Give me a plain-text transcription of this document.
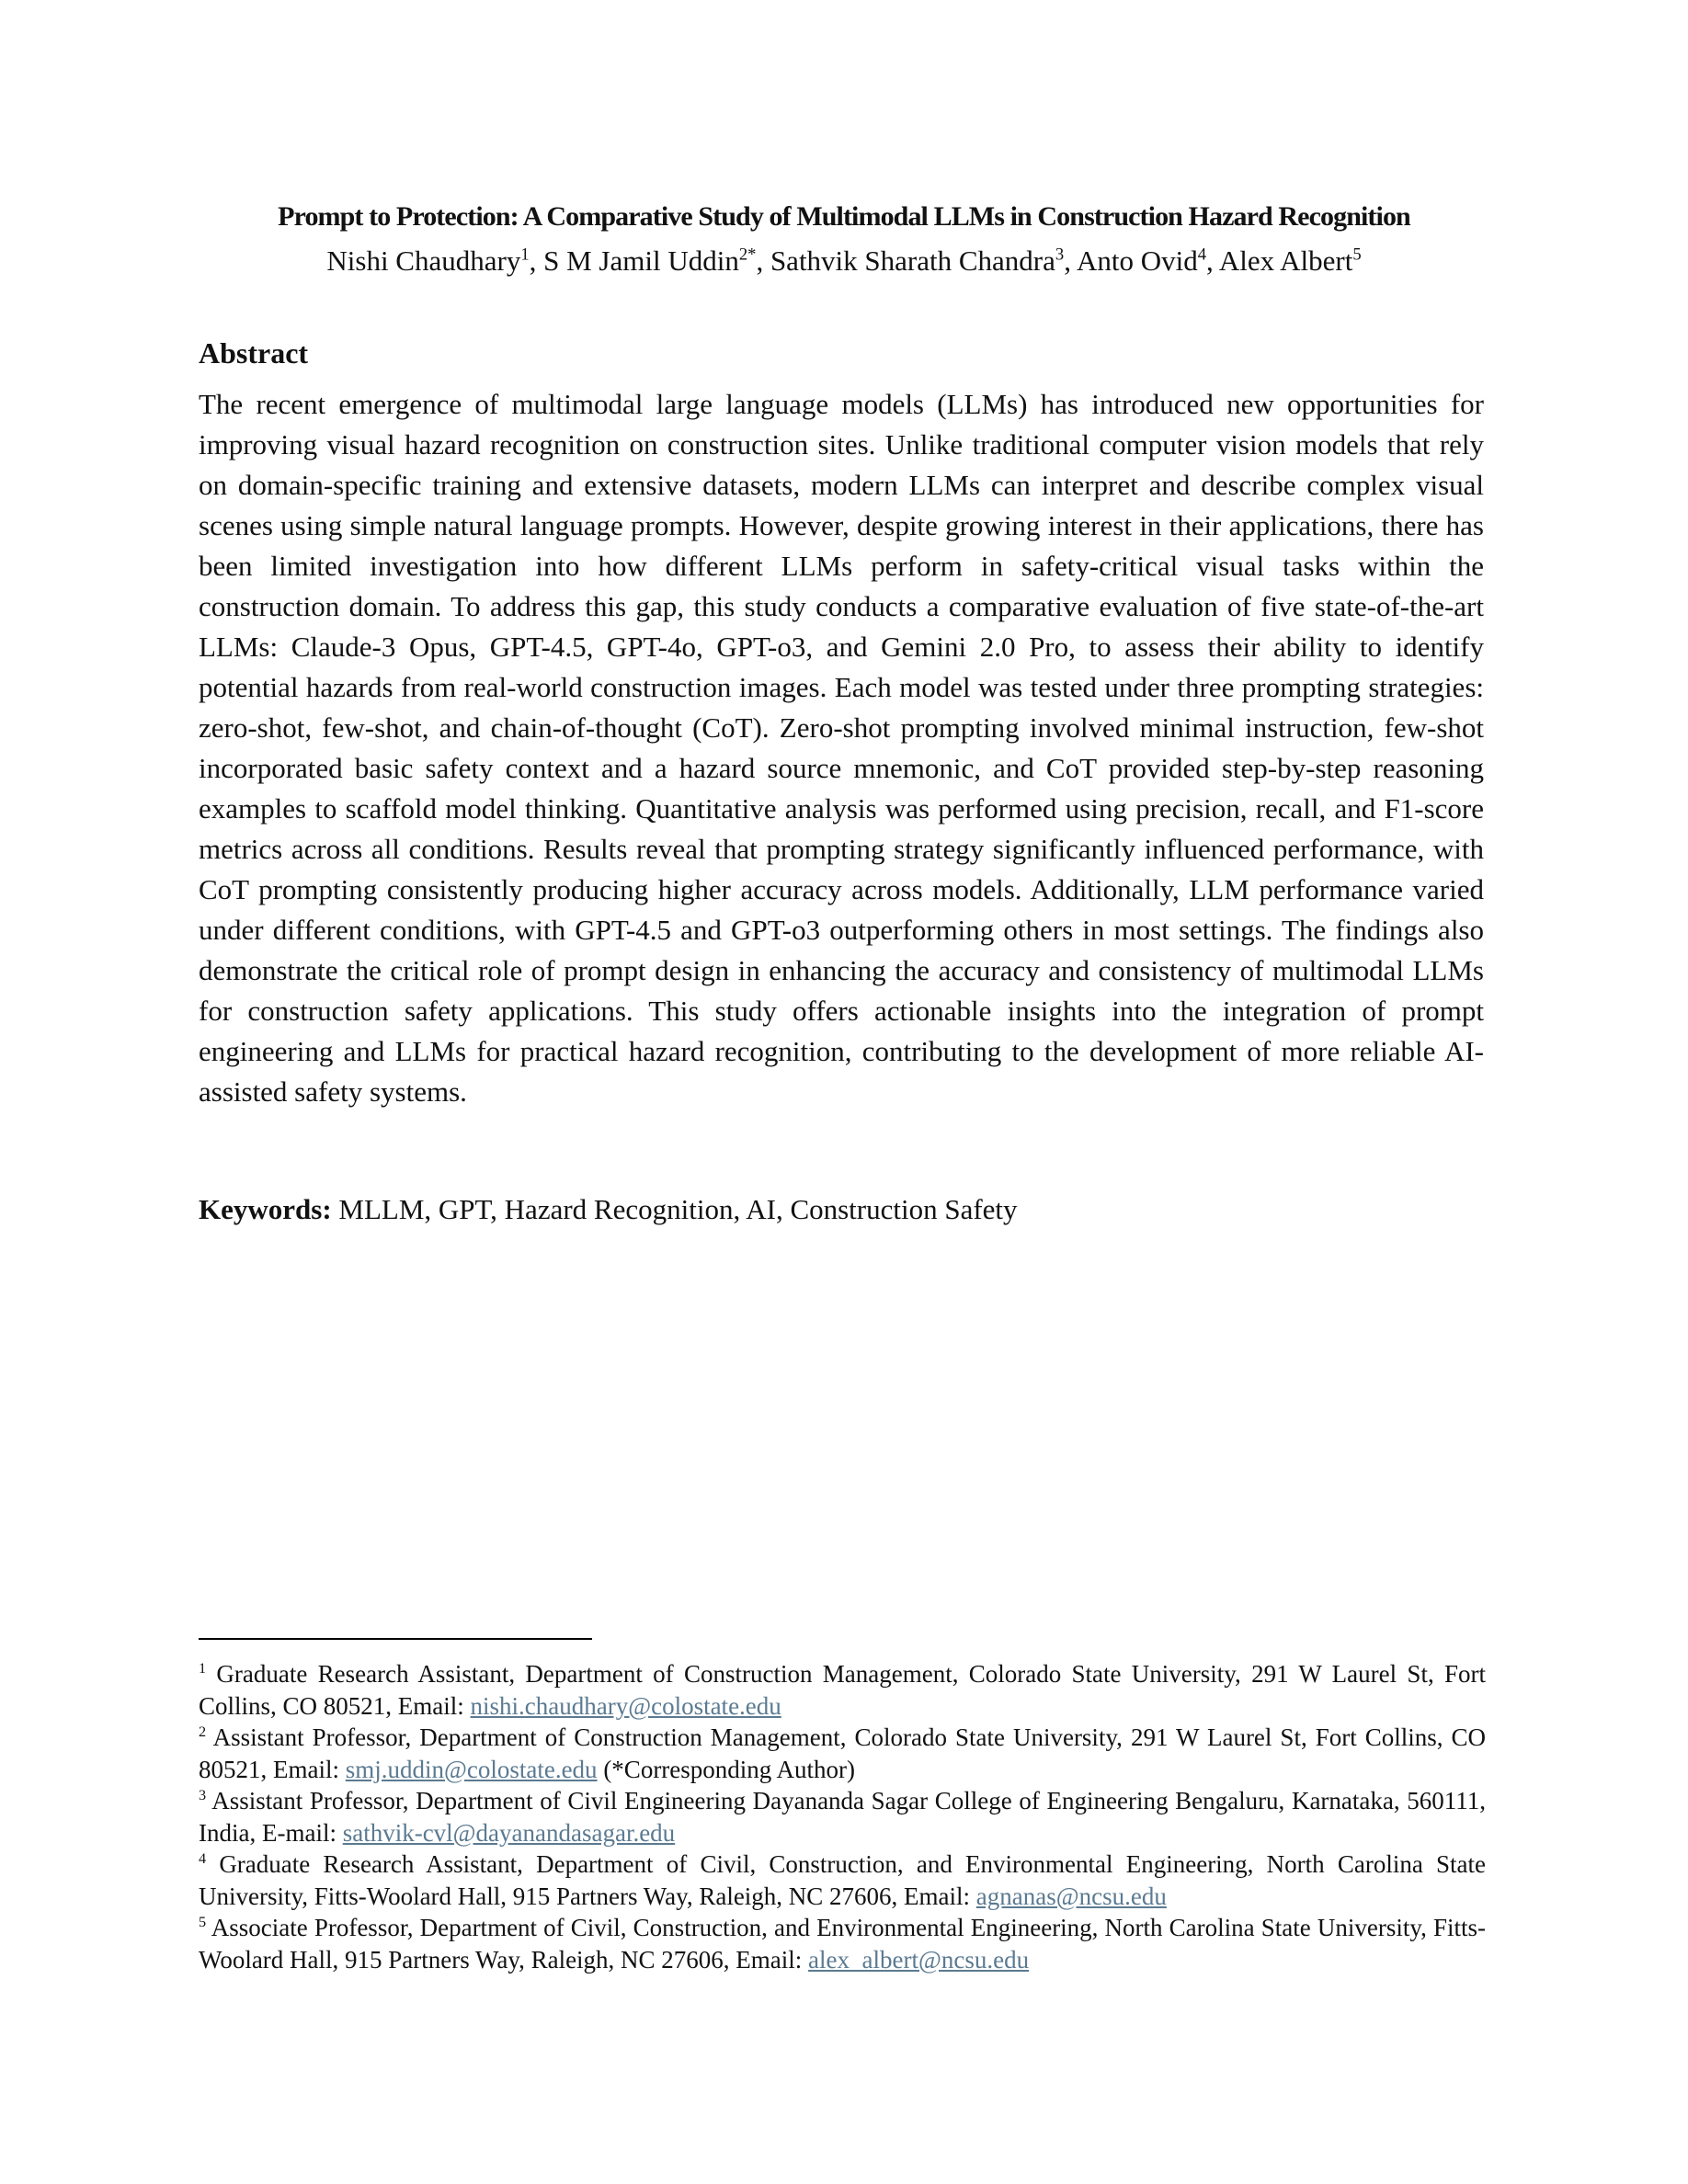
Prompt to Protection: A Comparative Study of Multimodal LLMs in Construction Hazard Recognition
Nishi Chaudhary$^1$, S M Jamil Uddin$^{2*}$, Sathvik Sharath Chandra$^3$, Anto Ovid$^4$, Alex Albert$^5$
Abstract

The recent emergence of multimodal large language models (LLMs) has introduced new opportunities for improving visual hazard recognition on construction sites. Unlike traditional computer vision models that rely on domain-specific training and extensive datasets, modern LLMs can interpret and describe complex visual scenes using simple natural language prompts. However, despite growing interest in their applications, there has been limited investigation into how different LLMs perform in safety-critical visual tasks within the construction domain. To address this gap, this study conducts a comparative evaluation of five state-of-the-art LLMs: Claude-3 Opus, GPT-4.5, GPT-4o, GPT-o3, and Gemini 2.0 Pro, to assess their ability to identify potential hazards from real-world construction images. Each model was tested under three prompting strategies: zero-shot, few-shot, and chain-of-thought (CoT). Zero-shot prompting involved minimal instruction, few-shot incorporated basic safety context and a hazard source mnemonic, and CoT provided step-by-step reasoning examples to scaffold model thinking. Quantitative analysis was performed using precision, recall, and F1-score metrics across all conditions. Results reveal that prompting strategy significantly influenced performance, with CoT prompting consistently producing higher accuracy across models. Additionally, LLM performance varied under different conditions, with GPT-4.5 and GPT-o3 outperforming others in most settings. The findings also demonstrate the critical role of prompt design in enhancing the accuracy and consistency of multimodal LLMs for construction safety applications. This study offers actionable insights into the integration of prompt engineering and LLMs for practical hazard recognition, contributing to the development of more reliable AI-assisted safety systems.

Keywords: MLLM, GPT, Hazard Recognition, AI, Construction Safety

$^1$ Graduate Research Assistant, Department of Construction Management, Colorado State University, 291 W Laurel St, Fort Collins, CO 80521, Email: nishi.chaudhary@colostate.edu

$^2$ Assistant Professor, Department of Construction Management, Colorado State University, 291 W Laurel St, Fort Collins, CO 80521, Email: smj.uddin@colostate.edu (*Corresponding Author)

$^3$ Assistant Professor, Department of Civil Engineering Dayananda Sagar College of Engineering Bengaluru, Karnataka, 560111, India, E-mail: sathvik-cvl@dayanandasagar.edu

$^4$ Graduate Research Assistant, Department of Civil, Construction, and Environmental Engineering, North Carolina State University, Fitts-Woolard Hall, 915 Partners Way, Raleigh, NC 27606, Email: agnanas@ncsu.edu

$^5$ Associate Professor, Department of Civil, Construction, and Environmental Engineering, North Carolina State University, Fitts-Woolard Hall, 915 Partners Way, Raleigh, NC 27606, Email: alex_albert@ncsu.edu
